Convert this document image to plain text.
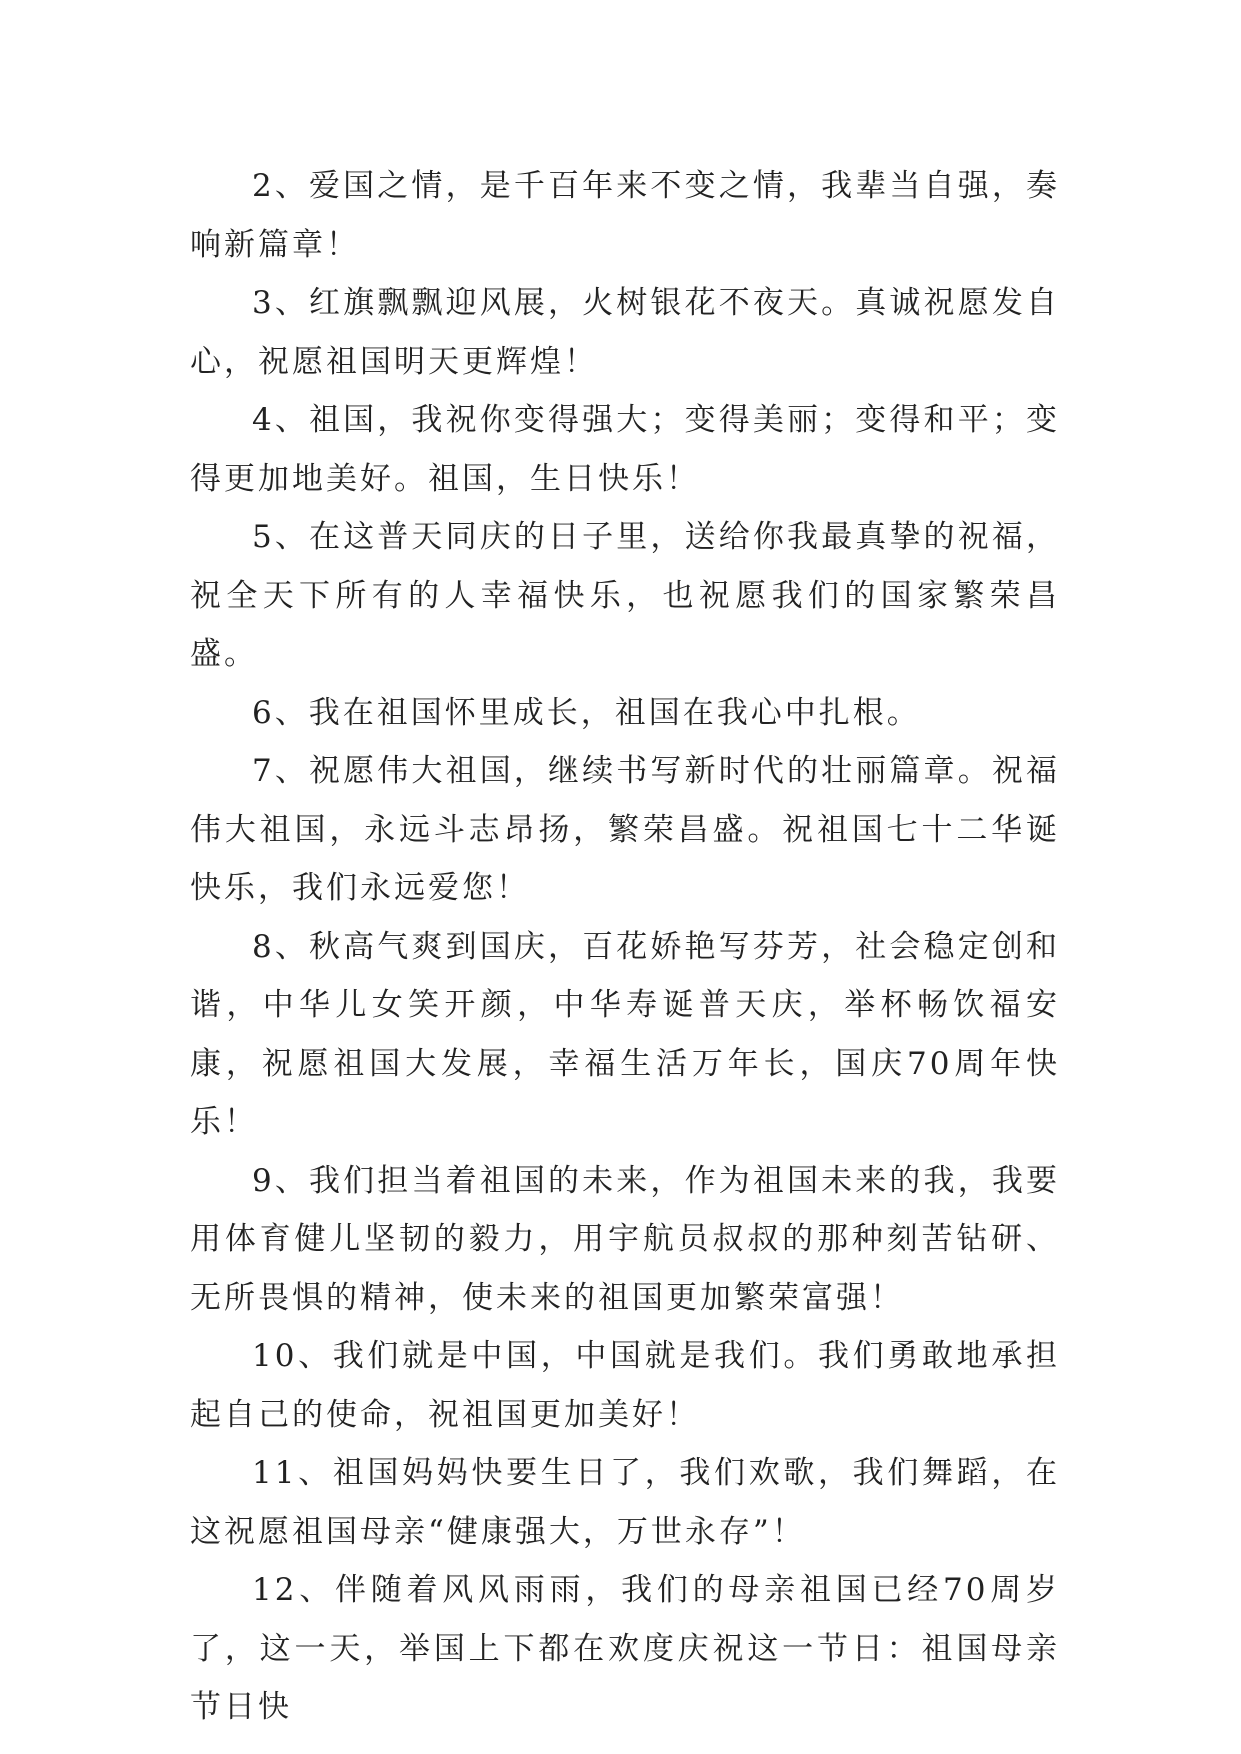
2、爱国之情，是千百年来不变之情，我辈当自强，奏响新篇章！

3、红旗飘飘迎风展，火树银花不夜天。真诚祝愿发自心，祝愿祖国明天更辉煌！

4、祖国，我祝你变得强大；变得美丽；变得和平；变得更加地美好。祖国，生日快乐！

5、在这普天同庆的日子里，送给你我最真挚的祝福，祝全天下所有的人幸福快乐，也祝愿我们的国家繁荣昌盛。

6、我在祖国怀里成长，祖国在我心中扎根。

7、祝愿伟大祖国，继续书写新时代的壮丽篇章。祝福伟大祖国，永远斗志昂扬，繁荣昌盛。祝祖国七十二华诞快乐，我们永远爱您！

8、秋高气爽到国庆，百花娇艳写芬芳，社会稳定创和谐，中华儿女笑开颜，中华寿诞普天庆，举杯畅饮福安康，祝愿祖国大发展，幸福生活万年长，国庆70周年快乐！

9、我们担当着祖国的未来，作为祖国未来的我，我要用体育健儿坚韧的毅力，用宇航员叔叔的那种刻苦钻研、无所畏惧的精神，使未来的祖国更加繁荣富强！

10、我们就是中国，中国就是我们。我们勇敢地承担起自己的使命，祝祖国更加美好！

11、祖国妈妈快要生日了，我们欢歌，我们舞蹈，在这祝愿祖国母亲“健康强大，万世永存”！

12、伴随着风风雨雨，我们的母亲祖国已经70周岁了，这一天，举国上下都在欢度庆祝这一节日：祖国母亲节日快
